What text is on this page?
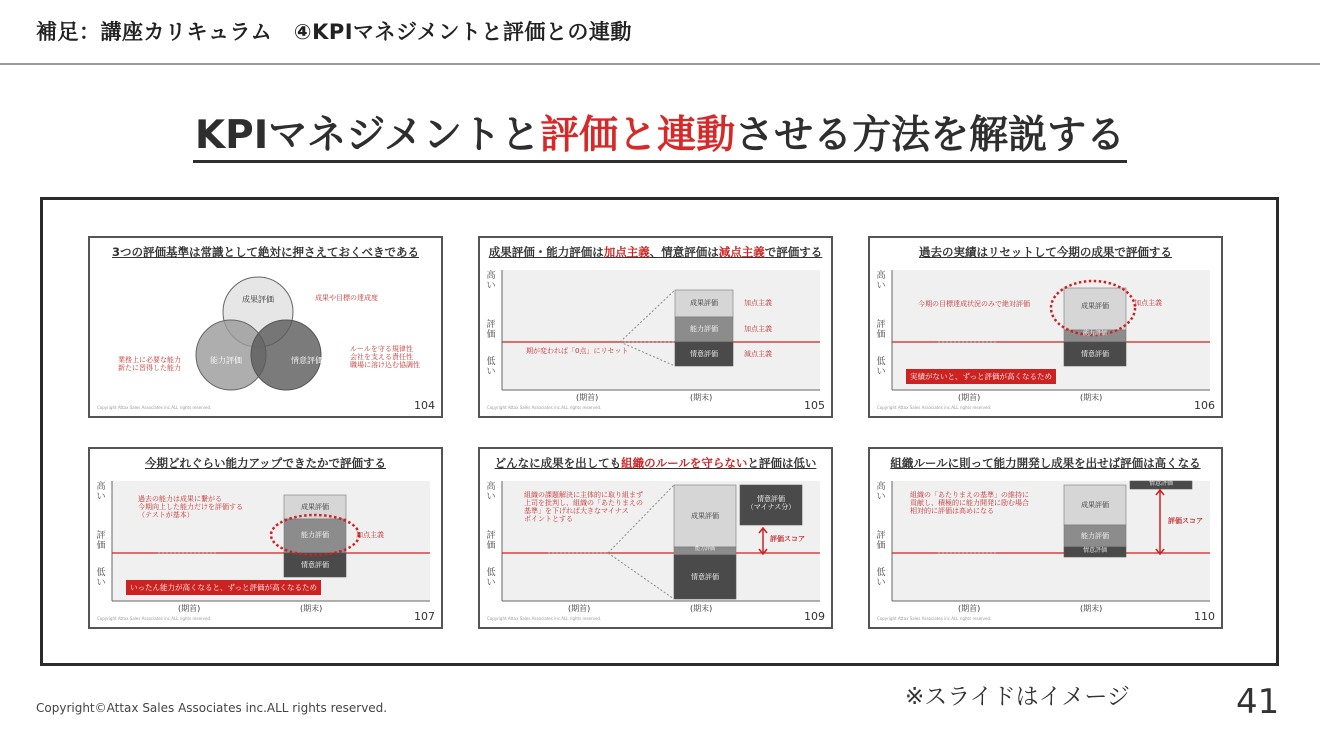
補足：講座カリキュラム　④KPIマネジメントと評価との連動
KPIマネジメントと評価と連動させる方法を解説する
3つの評価基準は常識として絶対に押さえておくべきである
成果評価
能力評価	情意評価
成果や目標の達成度
業務上に必要な能力
新たに習得した能力
ルールを守る規律性
会社を支える責任性
職場に溶け込む協調性
Copyright Attax Sales Associates inc.ALL rights reserved.	104
成果評価・能力評価は加点主義、情意評価は減点主義で評価する
高い
評価
低い
(期首)	(期末)
成果評価
能力評価
情意評価
加点主義
加点主義
減点主義
期が変われば「0点」にリセット
Copyright Attax Sales Associates inc.ALL rights reserved.	105
過去の実績はリセットして今期の成果で評価する
高い
評価
低い
(期首)	(期末)
成果評価
能力評価
情意評価
加点主義
今期の目標達成状況のみで絶対評価
実績がないと、ずっと評価が高くなるため
Copyright Attax Sales Associates inc.ALL rights reserved.	106
今期どれぐらい能力アップできたかで評価する
高い
評価
低い
(期首)	(期末)
成果評価
能力評価
情意評価
加点主義
過去の能力は成果に繋がる
今期向上した能力だけを評価する
（テストが基本）
いったん能力が高くなると、ずっと評価が高くなるため
Copyright Attax Sales Associates inc.ALL rights reserved.	107
どんなに成果を出しても組織のルールを守らないと評価は低い
高い
評価
低い
(期首)	(期末)
成果評価
能力評価
情意評価
情意評価
（マイナス分）
評価スコア
組織の課題解決に主体的に取り組まず
上司を批判し、組織の「あたりまえの
基準」を下げれば大きなマイナス
ポイントとする
Copyright Attax Sales Associates inc.ALL rights reserved.	109
組織ルールに則って能力開発し成果を出せば評価は高くなる
高い
評価
低い
(期首)	(期末)
成果評価
能力評価
情意評価
情意評価
評価スコア
組織の「あたりまえの基準」の維持に
貢献し、積極的に能力開発に励む場合
相対的に評価は高めになる
Copyright Attax Sales Associates inc.ALL rights reserved.	110
Copyright©Attax Sales Associates inc.ALL rights reserved.	※スライドはイメージ	41
